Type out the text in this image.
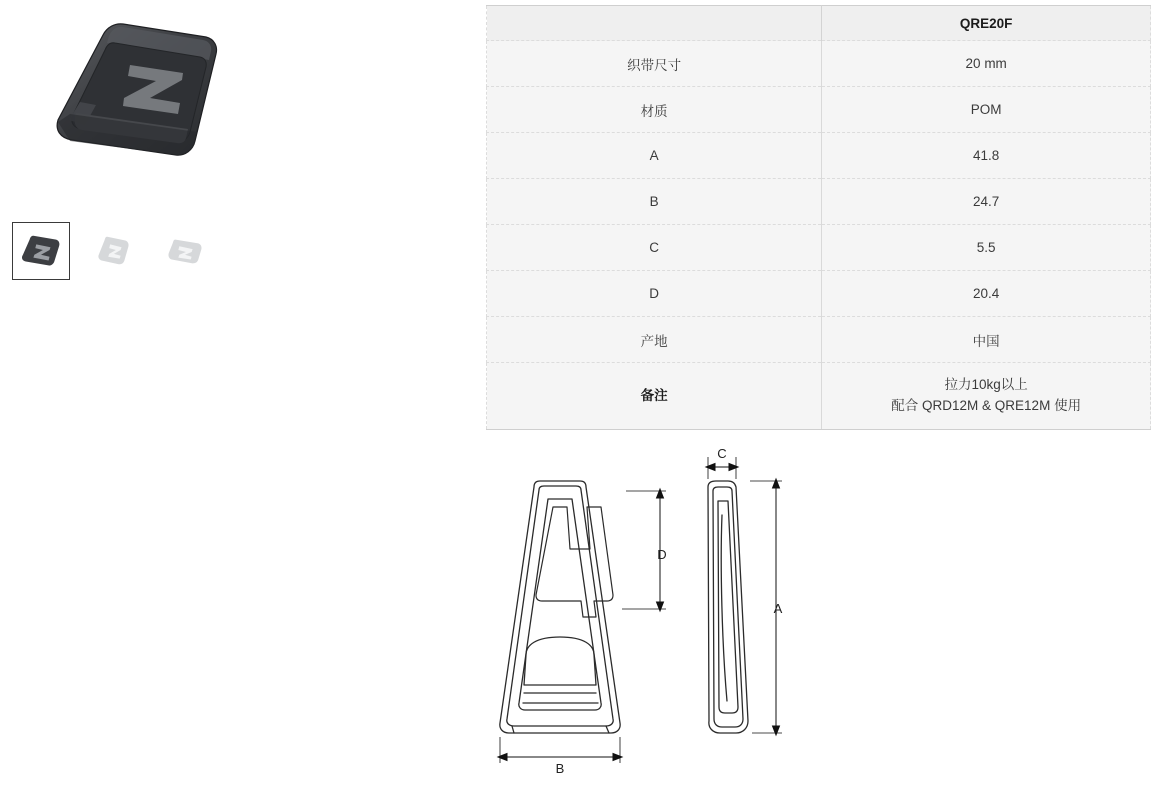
	QRE20F
织带尺寸	20 mm
材质	POM
A	41.8
B	24.7
C	5.5
D	20.4
产地	中国
备注	拉力10kg以上
配合 QRD12M & QRE12M 使用
D
B
C
A
